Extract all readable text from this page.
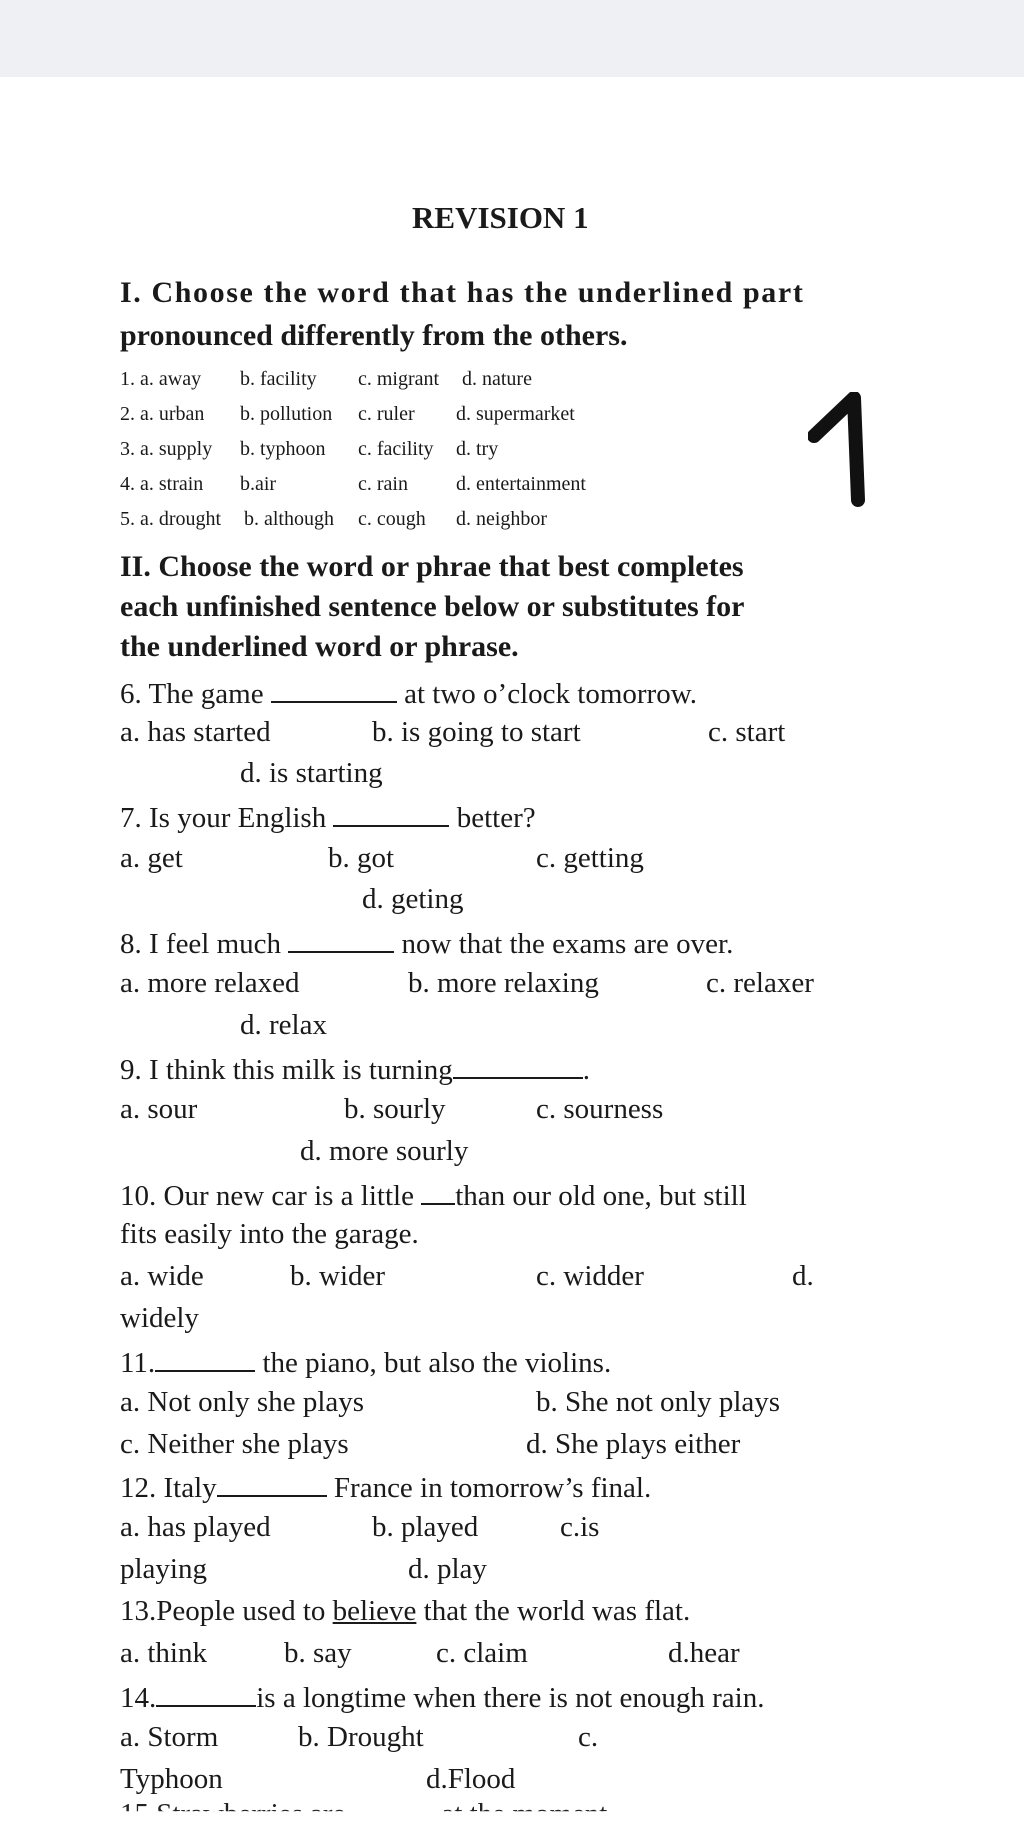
REVISION 1
I. Choose the word that has the underlined part
pronounced differently from the others.
1. a. away b. facility c. migrant d. nature
2. a. urban b. pollution c. ruler d. supermarket
3. a. supply b. typhoon c. facility d. try
4. a. strain b.air	c. rain d. entertainment
5. a. drought b. although c. cough d. neighbor
II. Choose the word or phrae that best completes
each unfinished sentence below or substitutes for
the underlined word or phrase.
6. The game	at two o’clock tomorrow.
a. has started	b. is going to start	c. start
d. is starting
7. Is your English	better?
a. get	b. got	c. getting
d. geting
8. I feel much	now that the exams are over.
a. more relaxed	b. more relaxing	c. relaxer
d. relax
9. I think this milk is turning	.
a. sour	b. sourly	c. sourness
d. more sourly
10. Our new car is a little than our old one, but still
fits easily into the garage.
a. wide	b. wider	c. widder	d.
widely
11.	the piano, but also the violins.
a. Not only she plays	b. She not only plays
c. Neither she plays	d. She plays either
12. Italy	France in tomorrow’s final.
a. has played	b. played	c.is
playing	d. play
13.People used to believe that the world was flat.
a. think	b. say	c. claim	d.hear
14.	is a longtime when there is not enough rain.
a. Storm	b. Drought	c.
Typhoon	d.Flood
